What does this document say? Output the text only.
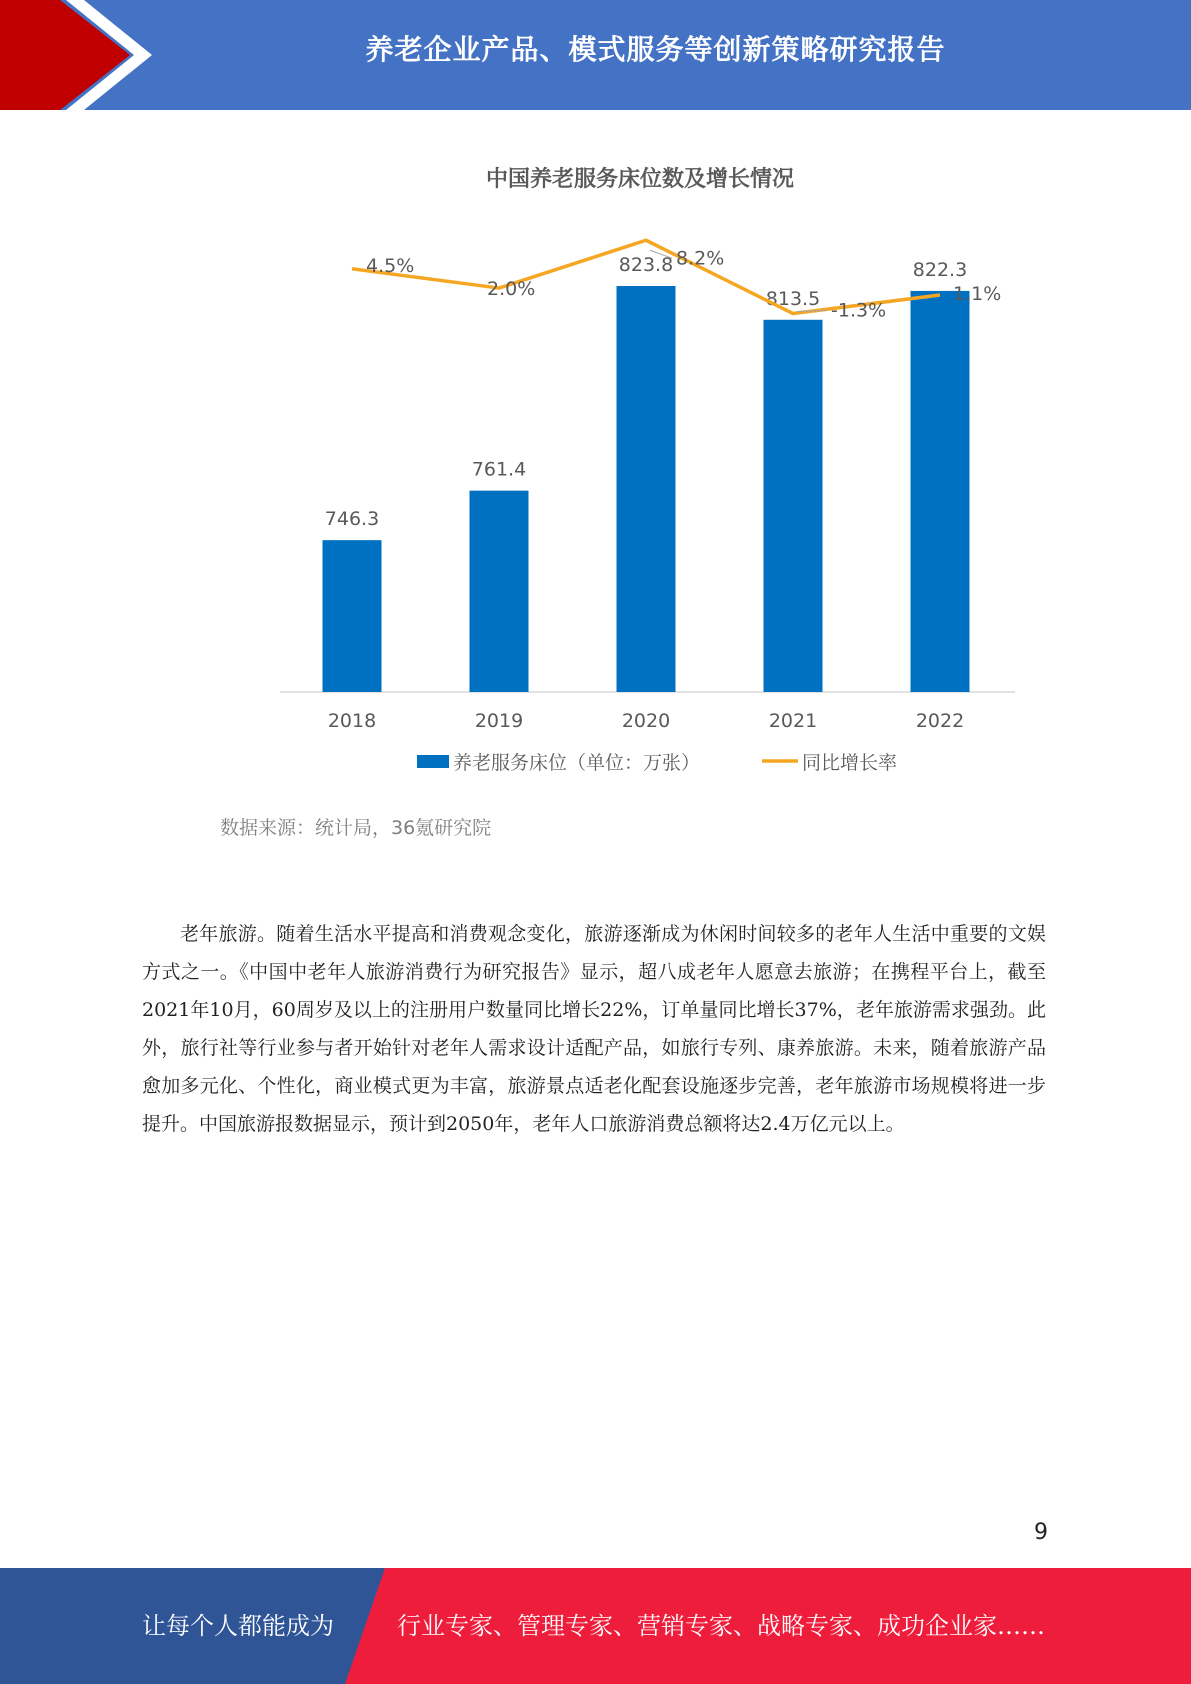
养老企业产品、模式服务等创新策略研究报告
中国养老服务床位数及增长情况
746.3
2018
761.4
2019
823.8
2020
813.5
2021
822.3
2022
4.5%
2.0%
8.2%
-1.3%
1.1%
养老服务床位（单位：万张）	同比增长率
数据来源：统计局，36氪研究院

老年旅游。随着生活水平提高和消费观念变化，旅游逐渐成为休闲时间较多的老年人生活中重要的文娱方式之一。《中国中老年人旅游消费行为研究报告》显示，超八成老年人愿意去旅游；在携程平台上，截至2021年10月，60周岁及以上的注册用户数量同比增长22%，订单量同比增长37%，老年旅游需求强劲。此外，旅行社等行业参与者开始针对老年人需求设计适配产品，如旅行专列、康养旅游。未来，随着旅游产品愈加多元化、个性化，商业模式更为丰富，旅游景点适老化配套设施逐步完善，老年旅游市场规模将进一步提升。中国旅游报数据显示，预计到2050年，老年人口旅游消费总额将达2.4万亿元以上。

9
让每个人都能成为	行业专家、管理专家、营销专家、战略专家、成功企业家……
